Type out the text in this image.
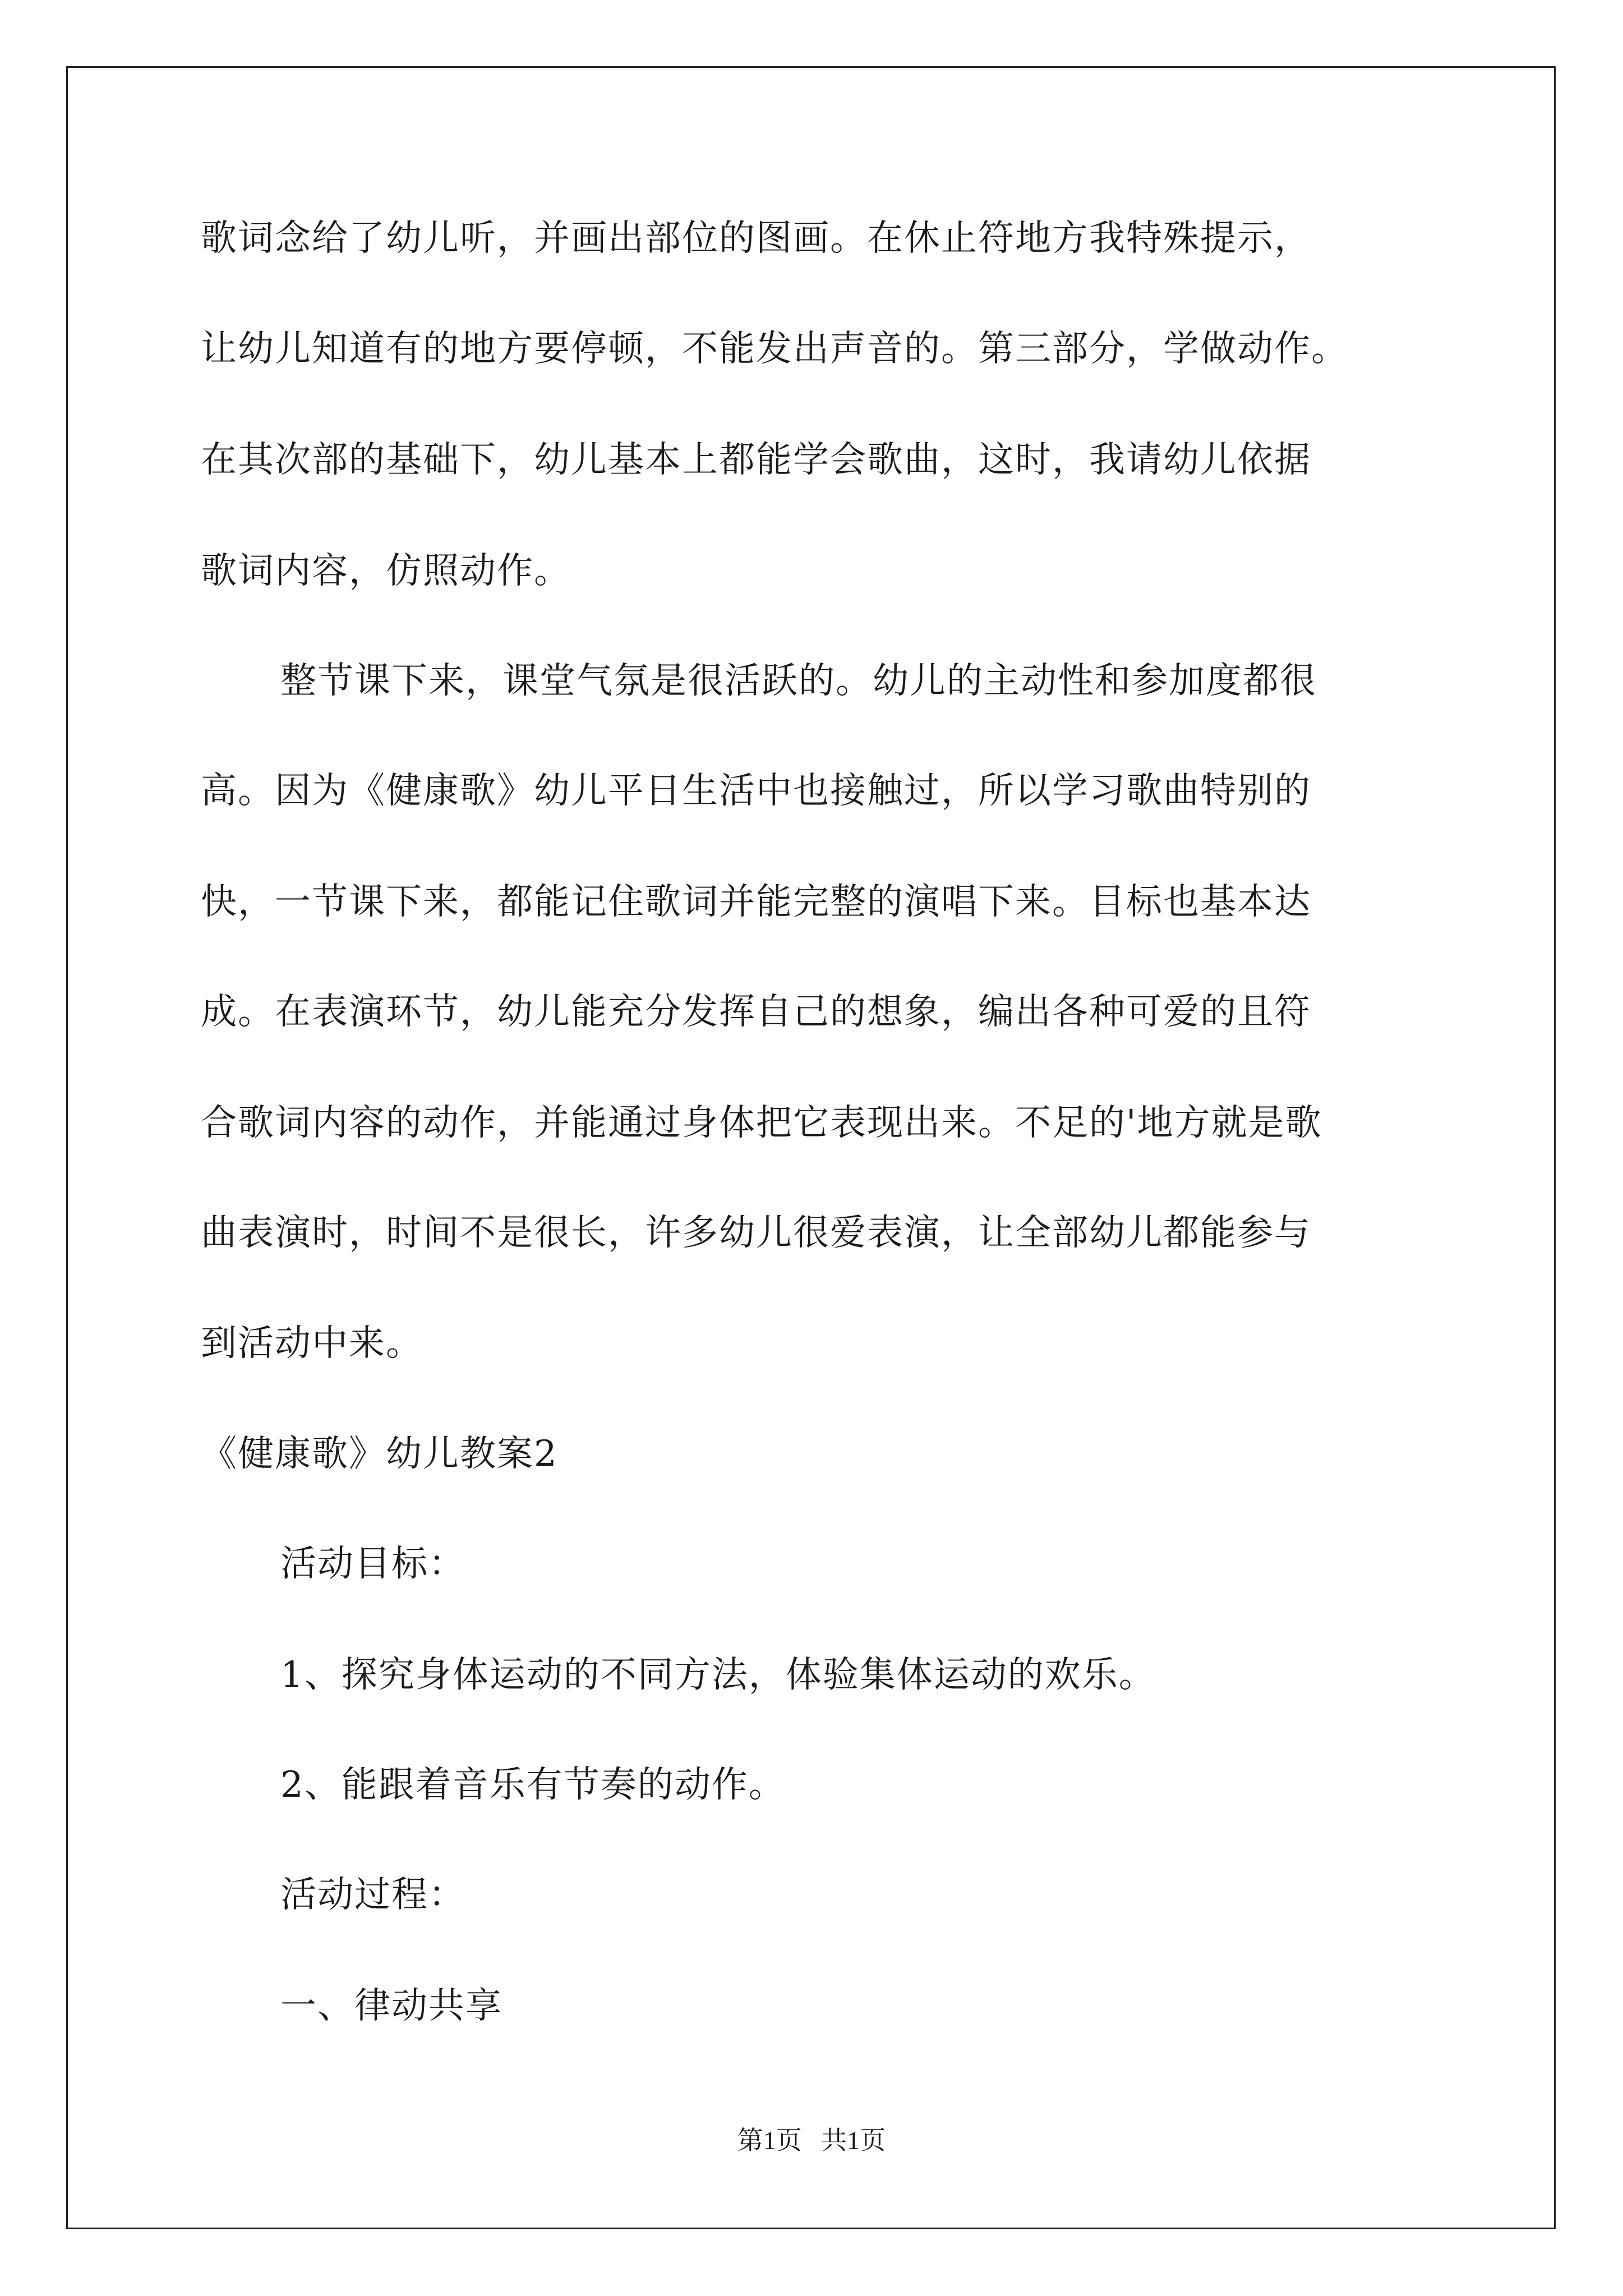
歌词念给了幼儿听，并画出部位的图画。在休止符地方我特殊提示，

让幼儿知道有的地方要停顿，不能发出声音的。第三部分，学做动作。

在其次部的基础下，幼儿基本上都能学会歌曲，这时，我请幼儿依据

歌词内容，仿照动作。

整节课下来，课堂气氛是很活跃的。幼儿的主动性和参加度都很

高。因为《健康歌》幼儿平日生活中也接触过，所以学习歌曲特别的

快，一节课下来，都能记住歌词并能完整的演唱下来。目标也基本达

成。在表演环节，幼儿能充分发挥自己的想象，编出各种可爱的且符

合歌词内容的动作，并能通过身体把它表现出来。不足的'地方就是歌

曲表演时，时间不是很长，许多幼儿很爱表演，让全部幼儿都能参与

到活动中来。

《健康歌》幼儿教案2

活动目标：

1、探究身体运动的不同方法，体验集体运动的欢乐。

2、能跟着音乐有节奏的动作。

活动过程：

一、律动共享

第1页   共1页
